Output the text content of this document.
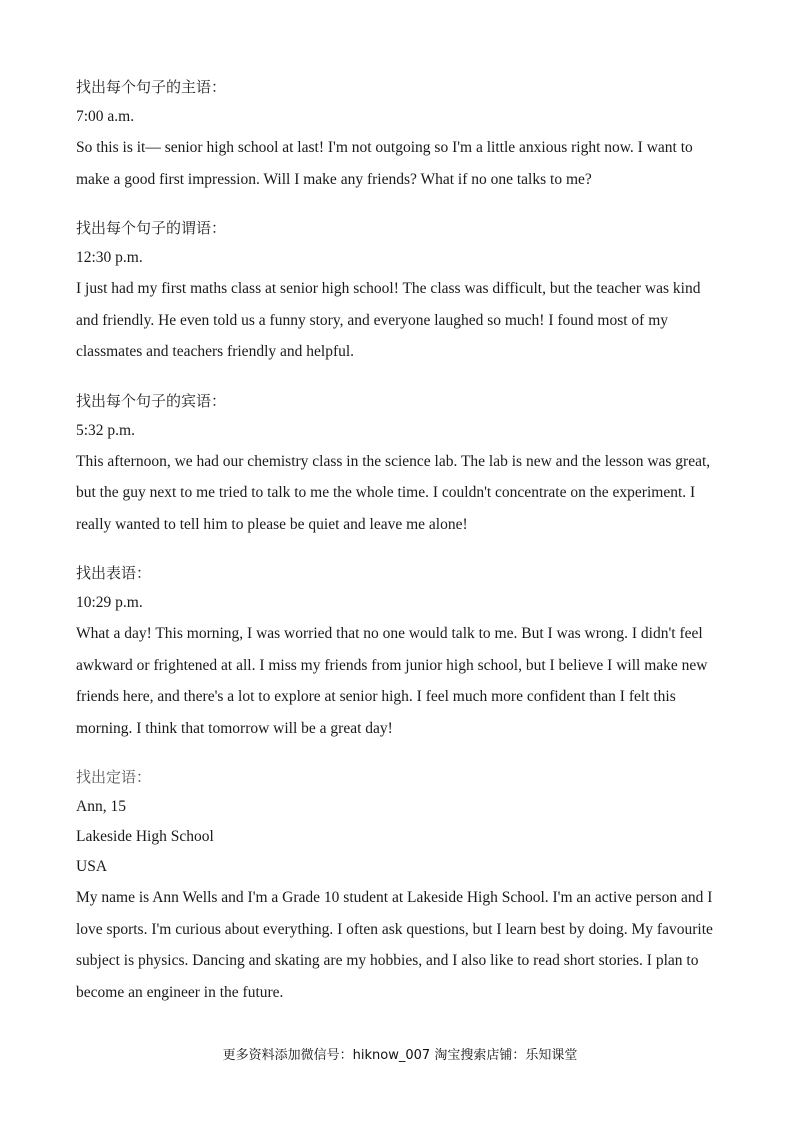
找出每个句子的主语：
7:00 a.m.

So this is it— senior high school at last! I'm not outgoing so I'm a little anxious right now. I want to make a good first impression. Will I make any friends? What if no one talks to me?

找出每个句子的谓语：
12:30 p.m.

I just had my first maths class at senior high school! The class was difficult, but the teacher was kind and friendly. He even told us a funny story, and everyone laughed so much! I found most of my classmates and teachers friendly and helpful.

找出每个句子的宾语：
5:32 p.m.

This afternoon, we had our chemistry class in the science lab. The lab is new and the lesson was great, but the guy next to me tried to talk to me the whole time. I couldn't concentrate on the experiment. I really wanted to tell him to please be quiet and leave me alone!

找出表语：
10:29 p.m.

What a day! This morning, I was worried that no one would talk to me. But I was wrong. I didn't feel awkward or frightened at all. I miss my friends from junior high school, but I believe I will make new friends here, and there's a lot to explore at senior high. I feel much more confident than I felt this morning. I think that tomorrow will be a great day!

找出定语：
Ann, 15
Lakeside High School
USA

My name is Ann Wells and I'm a Grade 10 student at Lakeside High School. I'm an active person and I love sports. I'm curious about everything. I often ask questions, but I learn best by doing. My favourite subject is physics. Dancing and skating are my hobbies, and I also like to read short stories. I plan to become an engineer in the future.

更多资料添加微信号：hiknow_007 淘宝搜索店铺：乐知课堂
